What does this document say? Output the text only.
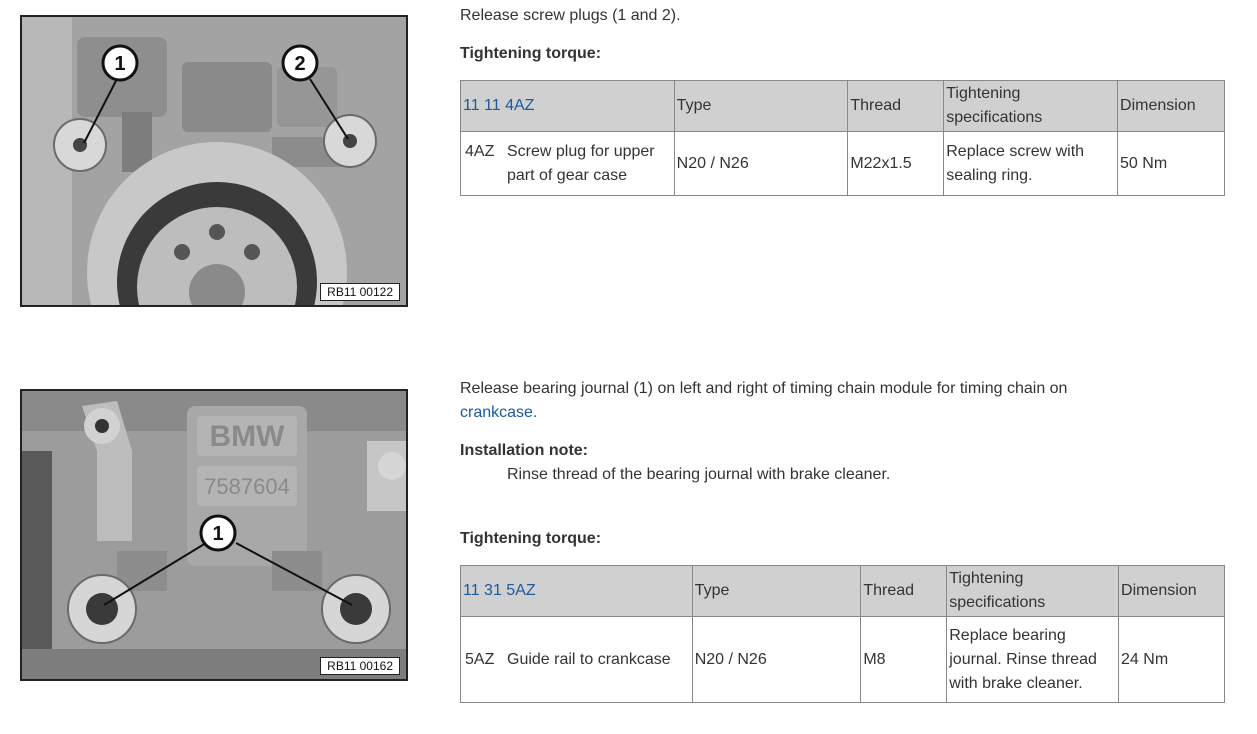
1	2
RB11 00122

Release screw plugs (1 and 2).

Tightening torque:

11 11 4AZ	Type	Thread	Tightening specifications	Dimension

4AZ Screw plug for upper part of gear case	N20 / N26	M22x1.5	Replace screw with sealing ring.	50 Nm
BMW
7587604
1
RB11 00162

Release bearing journal (1) on left and right of timing chain module for timing chain on
crankcase.

Installation note:

Rinse thread of the bearing journal with brake cleaner.

Tightening torque:

11 31 5AZ	Type	Thread	Tightening specifications	Dimension

5AZ Guide rail to crankcase	N20 / N26	M8	Replace bearing journal. Rinse thread with brake cleaner.	24 Nm
